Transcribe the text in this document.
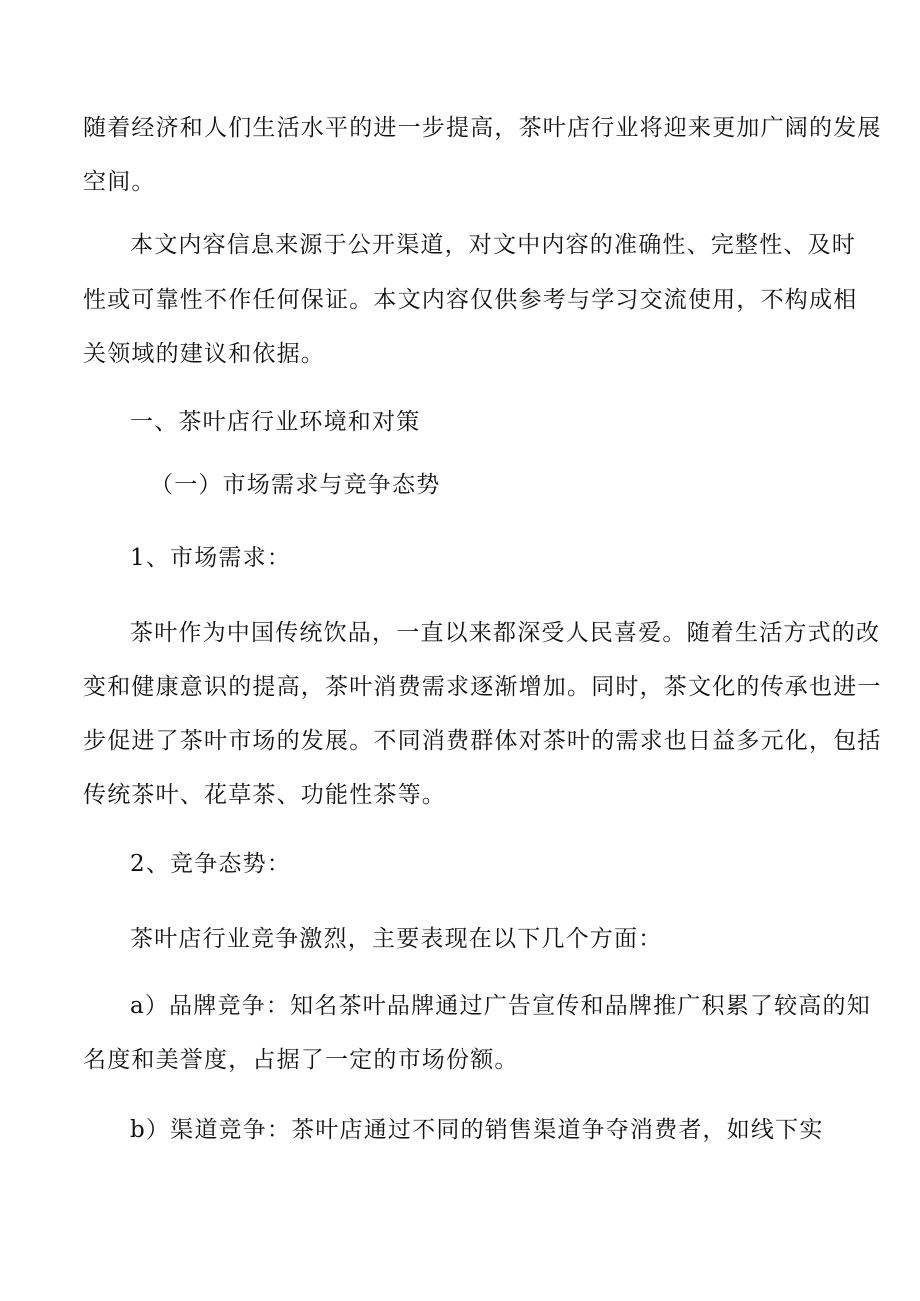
随着经济和人们生活水平的进一步提高，茶叶店行业将迎来更加广阔的发展
空间。
本文内容信息来源于公开渠道，对文中内容的准确性、完整性、及时
性或可靠性不作任何保证。本文内容仅供参考与学习交流使用，不构成相
关领域的建议和依据。
一、茶叶店行业环境和对策
（一）市场需求与竞争态势
1、市场需求：
茶叶作为中国传统饮品，一直以来都深受人民喜爱。随着生活方式的改
变和健康意识的提高，茶叶消费需求逐渐增加。同时，茶文化的传承也进一
步促进了茶叶市场的发展。不同消费群体对茶叶的需求也日益多元化，包括
传统茶叶、花草茶、功能性茶等。
2、竞争态势：
茶叶店行业竞争激烈，主要表现在以下几个方面：
a）品牌竞争：知名茶叶品牌通过广告宣传和品牌推广积累了较高的知
名度和美誉度，占据了一定的市场份额。
b）渠道竞争：茶叶店通过不同的销售渠道争夺消费者，如线下实
